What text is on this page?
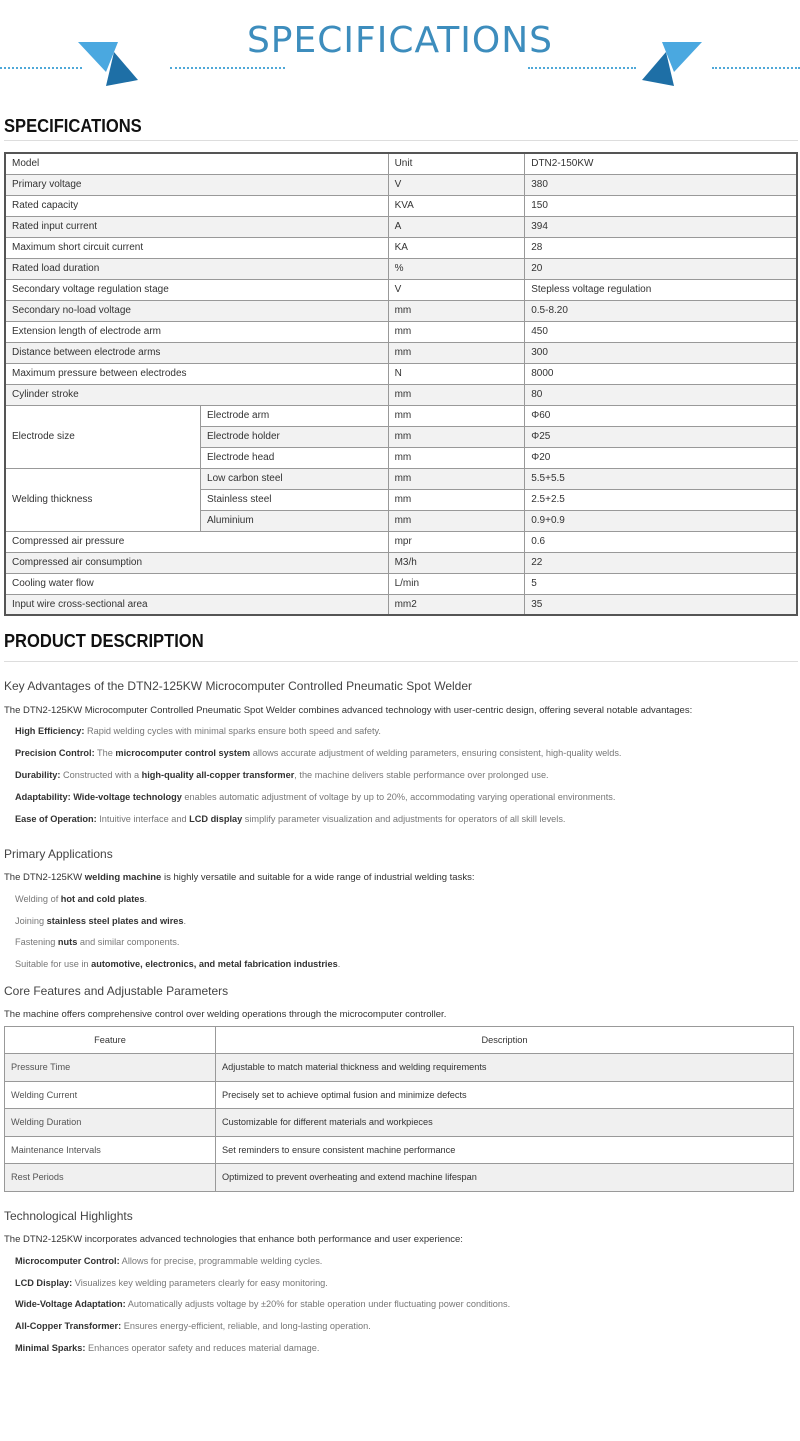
SPECIFICATIONS
SPECIFICATIONS
Model		Unit	DTN2-150KW
Primary voltage		V	380
Rated capacity		KVA	150
Rated input current		A	394
Maximum short circuit current		KA	28
Rated load duration		%	20
Secondary voltage regulation stage		V	Stepless voltage regulation
Secondary no-load voltage		mm	0.5-8.20
Extension length of electrode arm		mm	450
Distance between electrode arms		mm	300
Maximum pressure between electrodes		N	8000
Cylinder stroke		mm	80
Electrode size	Electrode arm	mm	Φ60
	Electrode holder	mm	Φ25
	Electrode head	mm	Φ20
Welding thickness	Low carbon steel	mm	5.5+5.5
	Stainless steel	mm	2.5+2.5
	Aluminium	mm	0.9+0.9
Compressed air pressure		mpr	0.6
Compressed air consumption		M3/h	22
Cooling water flow		L/min	5
Input wire cross-sectional area		mm2	35
PRODUCT DESCRIPTION
Key Advantages of the DTN2-125KW Microcomputer Controlled Pneumatic Spot Welder
The DTN2-125KW Microcomputer Controlled Pneumatic Spot Welder combines advanced technology with user-centric design, offering several notable advantages:
High Efficiency: Rapid welding cycles with minimal sparks ensure both speed and safety.
Precision Control: The microcomputer control system allows accurate adjustment of welding parameters, ensuring consistent, high-quality welds.
Durability: Constructed with a high-quality all-copper transformer, the machine delivers stable performance over prolonged use.
Adaptability: Wide-voltage technology enables automatic adjustment of voltage by up to 20%, accommodating varying operational environments.
Ease of Operation: Intuitive interface and LCD display simplify parameter visualization and adjustments for operators of all skill levels.
Primary Applications
The DTN2-125KW welding machine is highly versatile and suitable for a wide range of industrial welding tasks:
Welding of hot and cold plates.
Joining stainless steel plates and wires.
Fastening nuts and similar components.
Suitable for use in automotive, electronics, and metal fabrication industries.
Core Features and Adjustable Parameters
The machine offers comprehensive control over welding operations through the microcomputer controller.
Feature	Description
Pressure Time	Adjustable to match material thickness and welding requirements
Welding Current	Precisely set to achieve optimal fusion and minimize defects
Welding Duration	Customizable for different materials and workpieces
Maintenance Intervals	Set reminders to ensure consistent machine performance
Rest Periods	Optimized to prevent overheating and extend machine lifespan
Technological Highlights
The DTN2-125KW incorporates advanced technologies that enhance both performance and user experience:
Microcomputer Control: Allows for precise, programmable welding cycles.
LCD Display: Visualizes key welding parameters clearly for easy monitoring.
Wide-Voltage Adaptation: Automatically adjusts voltage by ±20% for stable operation under fluctuating power conditions.
All-Copper Transformer: Ensures energy-efficient, reliable, and long-lasting operation.
Minimal Sparks: Enhances operator safety and reduces material damage.
